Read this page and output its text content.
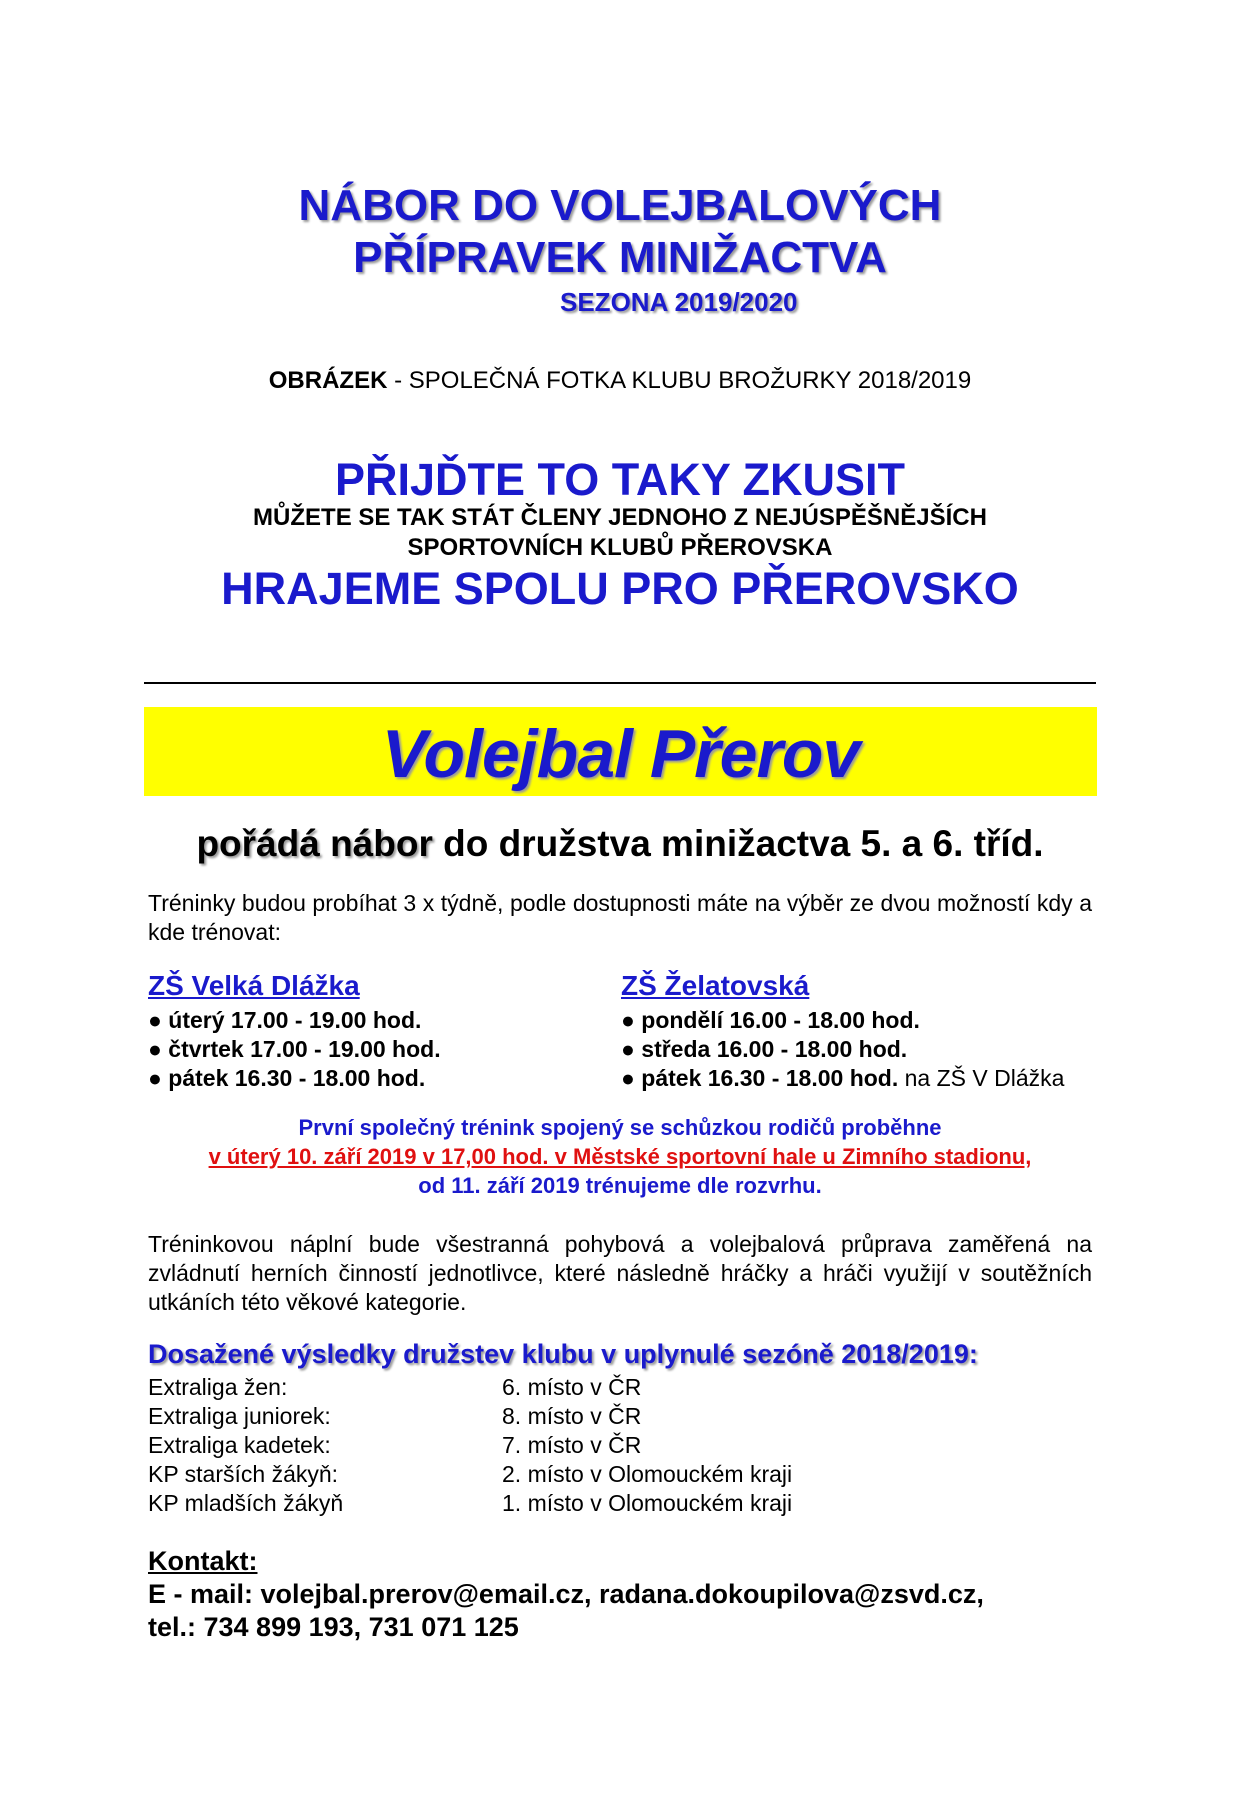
NÁBOR DO VOLEJBALOVÝCH
PŘÍPRAVEK MINIŽACTVA
SEZONA 2019/2020
OBRÁZEK - SPOLEČNÁ FOTKA KLUBU BROŽURKY 2018/2019
PŘIJĎTE TO TAKY ZKUSIT
MŮŽETE SE TAK STÁT ČLENY JEDNOHO Z NEJÚSPĚŠNĚJŠÍCH
SPORTOVNÍCH KLUBŮ PŘEROVSKA
HRAJEME SPOLU PRO PŘEROVSKO
Volejbal Přerov
pořádá nábor do družstva minižactva 5. a 6. tříd.
Tréninky budou probíhat 3 x týdně, podle dostupnosti máte na výběr ze dvou možností kdy a kde trénovat:
ZŠ Velká Dlážka
● úterý 17.00 - 19.00 hod.
● čtvrtek 17.00 - 19.00 hod.
● pátek 16.30 - 18.00 hod.
ZŠ Želatovská
● pondělí 16.00 - 18.00 hod.
● středa 16.00 - 18.00 hod.
● pátek 16.30 - 18.00 hod. na ZŠ V Dlážka
První společný trénink spojený se schůzkou rodičů proběhne
v úterý 10. září 2019 v 17,00 hod. v Městské sportovní hale u Zimního stadionu,
od 11. září 2019 trénujeme dle rozvrhu.
Tréninkovou náplní bude všestranná pohybová a volejbalová průprava zaměřená na zvládnutí herních činností jednotlivce, které následně hráčky a hráči využijí v soutěžních utkáních této věkové kategorie.
Dosažené výsledky družstev klubu v uplynulé sezóně 2018/2019:
Extraliga žen:	6. místo v ČR
Extraliga juniorek:	8. místo v ČR
Extraliga kadetek:	7. místo v ČR
KP starších žákyň:	2. místo v Olomouckém kraji
KP mladších žákyň	1. místo v Olomouckém kraji
Kontakt:
E - mail: volejbal.prerov@email.cz, radana.dokoupilova@zsvd.cz,
tel.: 734 899 193, 731 071 125
